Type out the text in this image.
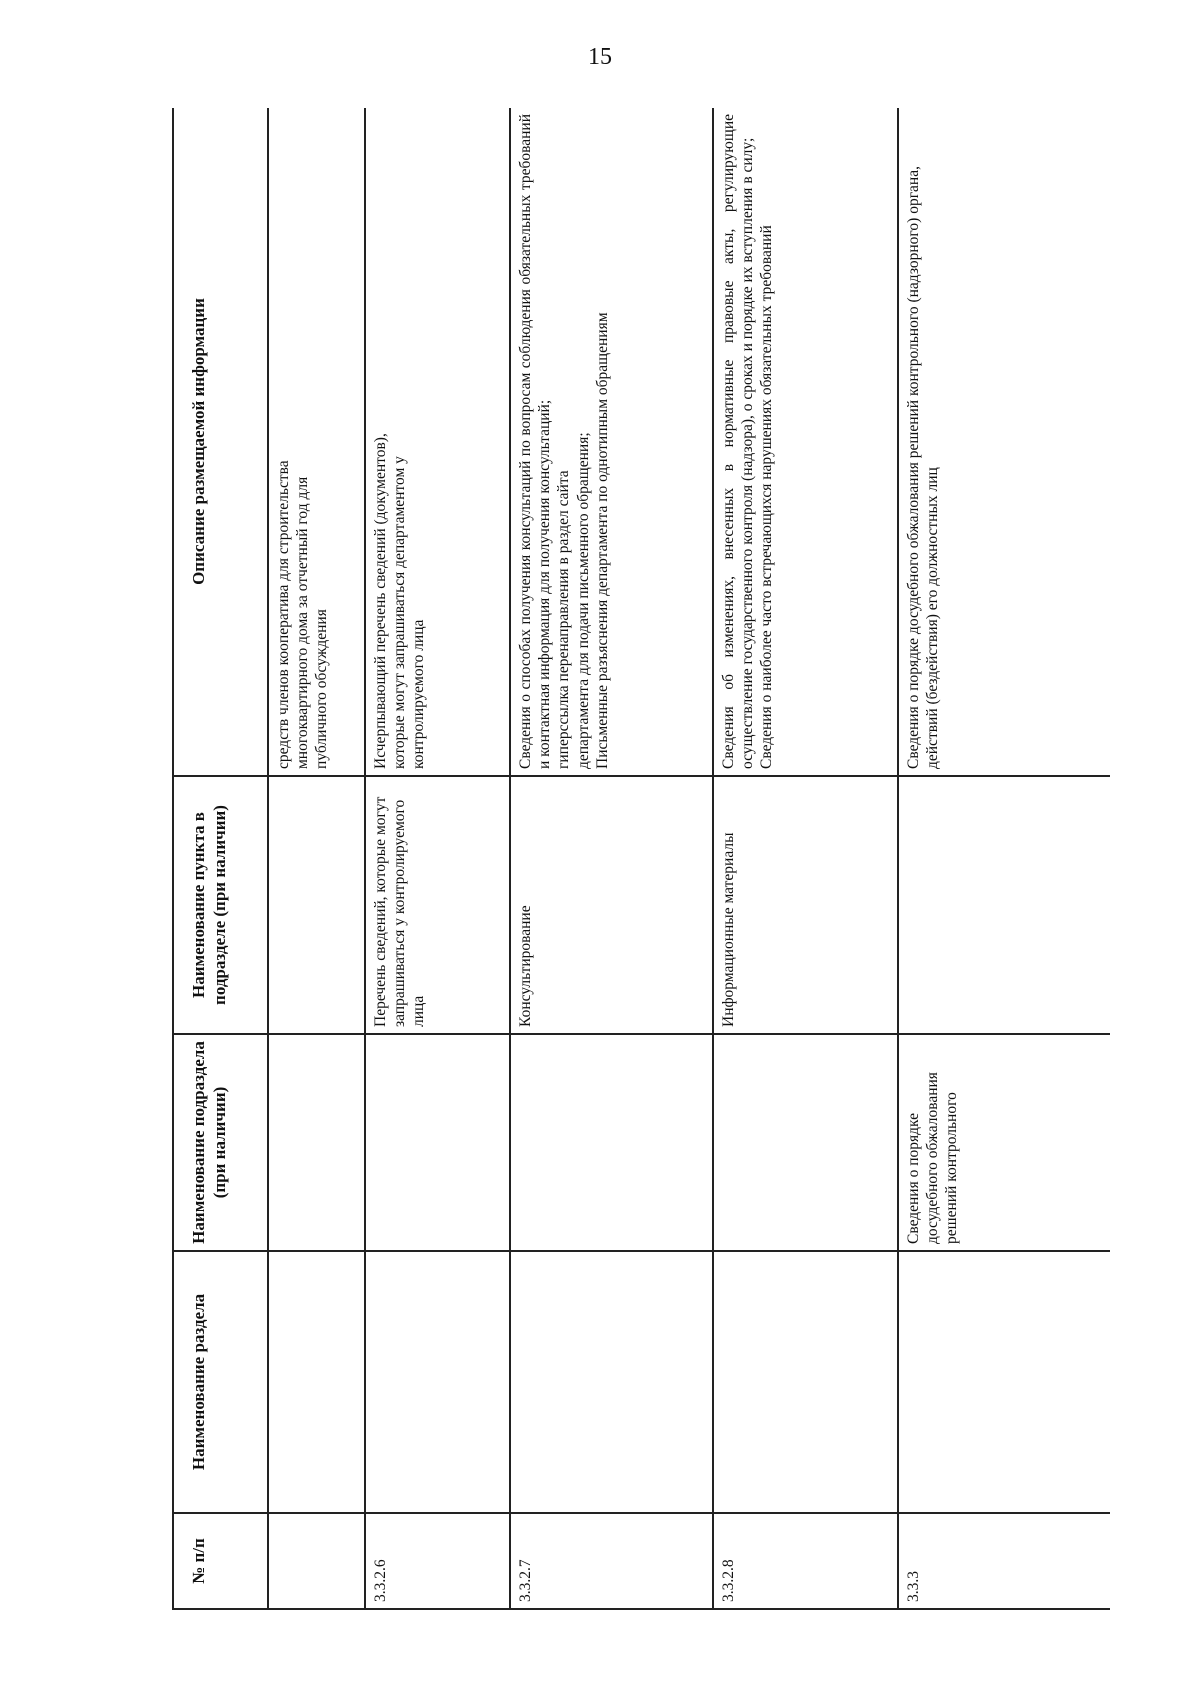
15
№ п/п	Наименование раздела	Наименование подраздела (при наличии)	Наименование пункта в подразделе (при наличии)	Описание размещаемой информации

				средств членов кооператива для строительства многоквартирного дома за отчетный год для публичного обсуждения

3.3.2.6			Перечень сведений, которые могут запрашиваться у контролируемого лица	Исчерпывающий перечень сведений (документов), которые могут запрашиваться департаментом у контролируемого лица

3.3.2.7			Консультирование	Сведения о способах получения консультаций по вопросам соблюдения обязательных требований и контактная информация для получения консультаций; гиперссылка перенаправления в раздел сайта департамента для подачи письменного обращения; Письменные разъяснения департамента по однотипным обращениям

3.3.2.8			Информационные материалы	Сведения об изменениях, внесенных в нормативные правовые акты, регулирующие осуществление государственного контроля (надзора), о сроках и порядке их вступления в силу; Сведения о наиболее часто встречающихся нарушениях обязательных требований

3.3.3		Сведения о порядке досудебного обжалования решений контрольного		Сведения о порядке досудебного обжалования решений контрольного (надзорного) органа, действий (бездействия) его должностных лиц
